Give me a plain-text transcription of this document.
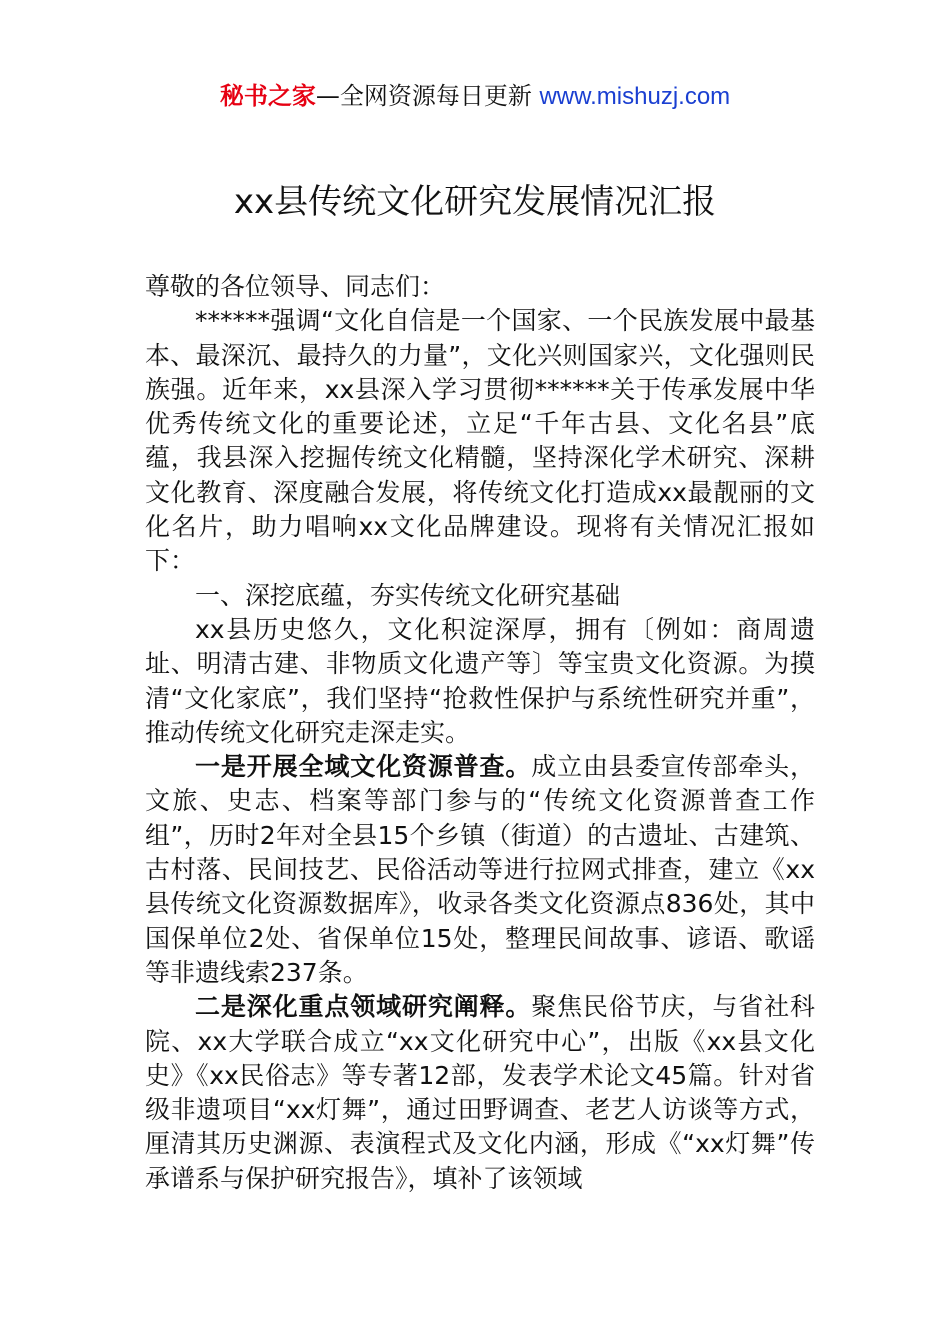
秘书之家—全网资源每日更新 www.mishuzj.com
xx县传统文化研究发展情况汇报

尊敬的各位领导、同志们：

******强调“文化自信是一个国家、一个民族发展中最基本、最深沉、最持久的力量”，文化兴则国家兴，文化强则民族强。近年来，xx县深入学习贯彻******关于传承发展中华优秀传统文化的重要论述，立足“千年古县、文化名县”底蕴，我县深入挖掘传统文化精髓，坚持深化学术研究、深耕文化教育、深度融合发展，将传统文化打造成xx最靓丽的文化名片，助力唱响xx文化品牌建设。现将有关情况汇报如下：

一、深挖底蕴，夯实传统文化研究基础

xx县历史悠久，文化积淀深厚，拥有〔例如：商周遗址、明清古建、非物质文化遗产等〕等宝贵文化资源。为摸清“文化家底”，我们坚持“抢救性保护与系统性研究并重”，推动传统文化研究走深走实。

一是开展全域文化资源普查。成立由县委宣传部牵头，文旅、史志、档案等部门参与的“传统文化资源普查工作组”，历时2年对全县15个乡镇（街道）的古遗址、古建筑、古村落、民间技艺、民俗活动等进行拉网式排查，建立《xx县传统文化资源数据库》，收录各类文化资源点836处，其中国保单位2处、省保单位15处，整理民间故事、谚语、歌谣等非遗线索237条。

二是深化重点领域研究阐释。聚焦民俗节庆，与省社科院、xx大学联合成立“xx文化研究中心”，出版《xx县文化史》《xx民俗志》等专著12部，发表学术论文45篇。针对省级非遗项目“xx灯舞”，通过田野调查、老艺人访谈等方式，厘清其历史渊源、表演程式及文化内涵，形成《“xx灯舞”传承谱系与保护研究报告》，填补了该领域
